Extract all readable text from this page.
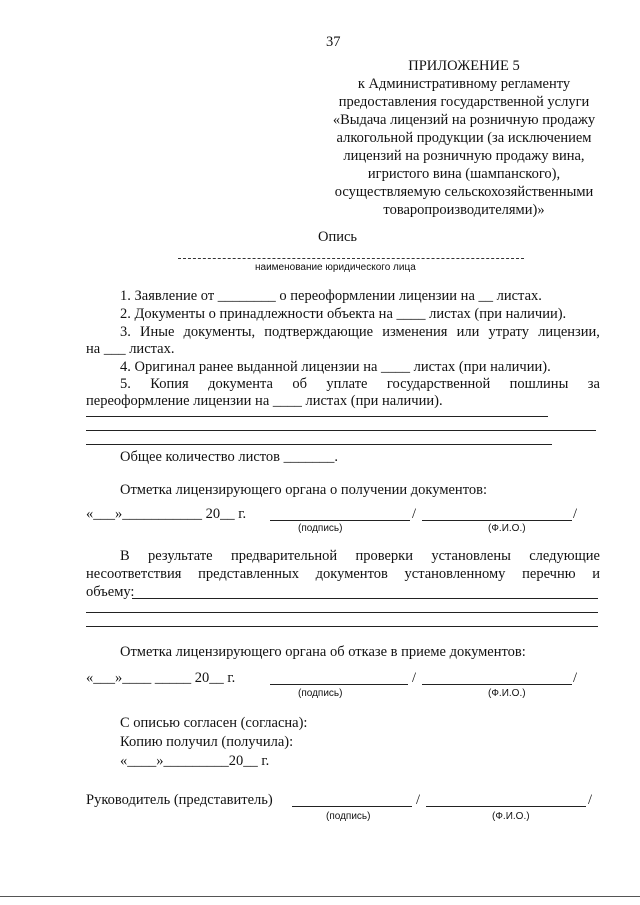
37
ПРИЛОЖЕНИЕ 5
к Административному регламенту
предоставления государственной услуги
«Выдача лицензий на розничную продажу
алкогольной продукции (за исключением
лицензий на розничную продажу вина,
игристого вина (шампанского),
осуществляемую сельскохозяйственными
товаропроизводителями)»
Опись
наименование юридического лица
1. Заявление от ________ о переоформлении лицензии на __ листах.
2. Документы о принадлежности объекта на ____ листах (при наличии).
3. Иные документы, подтверждающие изменения или утрату лицензии,
на ___ листах.
4. Оригинал ранее выданной лицензии на ____ листах (при наличии).
5. Копия документа об уплате государственной пошлины за
переоформление лицензии на ____ листах (при наличии).
Общее количество листов _______.
Отметка лицензирующего органа о получении документов:
«___»___________ 20__ г.	/	/
(подпись)	(Ф.И.О.)
В результате предварительной проверки установлены следующие
несоответствия представленных документов установленному перечню и
объему:
Отметка лицензирующего органа об отказе в приеме документов:
«___»____ _____ 20__ г.	/	/
(подпись)	(Ф.И.О.)
С описью согласен (согласна):
Копию получил (получила):
«____»_________20__ г.
Руководитель (представитель)	/	/
(подпись)	(Ф.И.О.)
